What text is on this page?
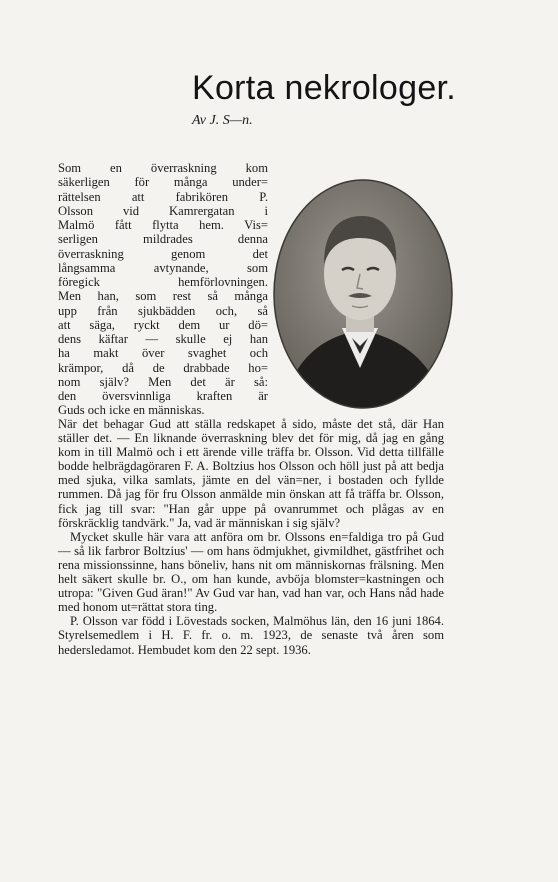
Korta nekrologer.
Av J. S—n.

Som en överraskning kom

säkerligen för många under=

rättelsen att fabrikören P.

Olsson vid Kamrergatan i

Malmö fått flytta hem. Vis=

serligen mildrades denna

överraskning genom det

långsamma avtynande, som

föregick hemförlovningen.

Men han, som rest så många

upp från sjukbädden och, så

att säga, ryckt dem ur dö=

dens käftar — skulle ej han

ha makt över svaghet och

krämpor, då de drabbade ho=

nom själv? Men det är så:

den översvinnliga kraften är

Guds och icke en människas.

När det behagar Gud att ställa redskapet å sido, måste det stå, där Han ställer det. — En liknande överraskning blev det för mig, då jag en gång kom in till Malmö och i ett ärende ville träffa br. Olsson. Vid detta tillfälle bodde helbrägdagöraren F. A. Boltzius hos Olsson och höll just på att bedja med sjuka, vilka samlats, jämte en del vän=ner, i bostaden och fyllde rummen. Då jag för fru Olsson anmälde min önskan att få träffa br. Olsson, fick jag till svar: "Han går uppe på ovanrummet och plågas av en förskräcklig tandvärk." Ja, vad är människan i sig själv?

Mycket skulle här vara att anföra om br. Olssons en=faldiga tro på Gud — så lik farbror Boltzius' — om hans ödmjukhet, givmildhet, gästfrihet och rena missionssinne, hans böneliv, hans nit om människornas frälsning. Men helt säkert skulle br. O., om han kunde, avböja blomster=kastningen och utropa: "Given Gud äran!" Av Gud var han, vad han var, och Hans nåd hade med honom ut=rättat stora ting.

P. Olsson var född i Lövestads socken, Malmöhus län, den 16 juni 1864. Styrelsemedlem i H. F. fr. o. m. 1923, de senaste två åren som hedersledamot. Hembudet kom den 22 sept. 1936.
